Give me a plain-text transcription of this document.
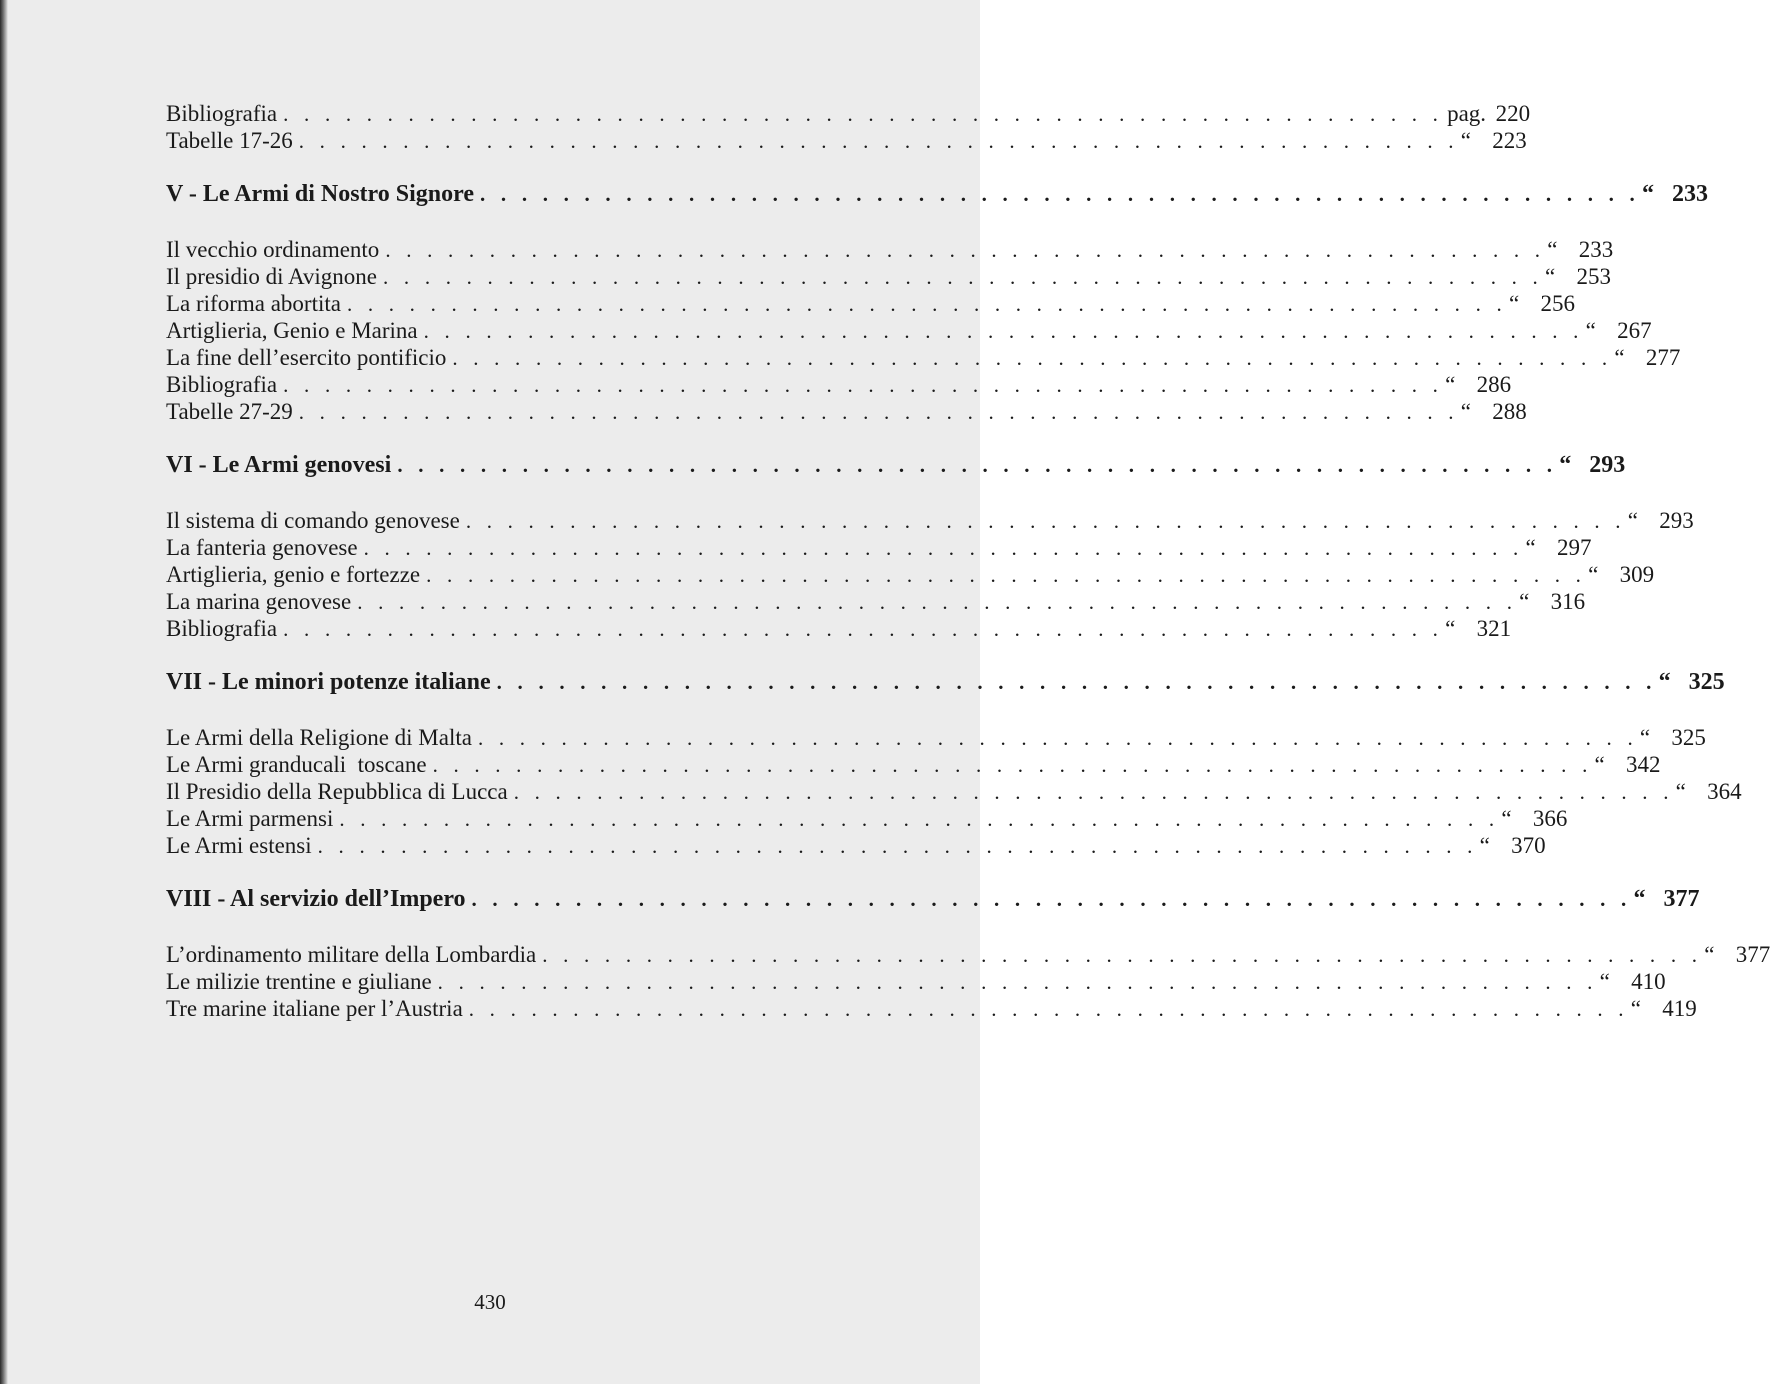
Bibliografia . . . . . . . . . . . . . . . . . . . . . . . . . . . . . . . . . . . . . . . . . . . . . . . . . . . . . . . . pag. 220
Tabelle 17-26 . . . . . . . . . . . . . . . . . . . . . . . . . . . . . . . . . . . . . . . . . . . . . . . . . . . . . . . . “ 223
V - Le Armi di Nostro Signore . . . . . . . . . . . . . . . . . . . . . . . . . . . . . . . . . . . . . . . . . . . . . . . . . . . . . . . . “ 233
Il vecchio ordinamento . . . . . . . . . . . . . . . . . . . . . . . . . . . . . . . . . . . . . . . . . . . . . . . . . . . . . . . . “ 233
Il presidio di Avignone . . . . . . . . . . . . . . . . . . . . . . . . . . . . . . . . . . . . . . . . . . . . . . . . . . . . . . . . “ 253
La riforma abortita . . . . . . . . . . . . . . . . . . . . . . . . . . . . . . . . . . . . . . . . . . . . . . . . . . . . . . . . “ 256
Artiglieria, Genio e Marina . . . . . . . . . . . . . . . . . . . . . . . . . . . . . . . . . . . . . . . . . . . . . . . . . . . . . . . . “ 267
La fine dell’esercito pontificio . . . . . . . . . . . . . . . . . . . . . . . . . . . . . . . . . . . . . . . . . . . . . . . . . . . . . . . . “ 277
Bibliografia . . . . . . . . . . . . . . . . . . . . . . . . . . . . . . . . . . . . . . . . . . . . . . . . . . . . . . . . “ 286
Tabelle 27-29 . . . . . . . . . . . . . . . . . . . . . . . . . . . . . . . . . . . . . . . . . . . . . . . . . . . . . . . . “ 288
VI - Le Armi genovesi . . . . . . . . . . . . . . . . . . . . . . . . . . . . . . . . . . . . . . . . . . . . . . . . . . . . . . . . “ 293
Il sistema di comando genovese . . . . . . . . . . . . . . . . . . . . . . . . . . . . . . . . . . . . . . . . . . . . . . . . . . . . . . . . “ 293
La fanteria genovese . . . . . . . . . . . . . . . . . . . . . . . . . . . . . . . . . . . . . . . . . . . . . . . . . . . . . . . . “ 297
Artiglieria, genio e fortezze . . . . . . . . . . . . . . . . . . . . . . . . . . . . . . . . . . . . . . . . . . . . . . . . . . . . . . . . “ 309
La marina genovese . . . . . . . . . . . . . . . . . . . . . . . . . . . . . . . . . . . . . . . . . . . . . . . . . . . . . . . . “ 316
Bibliografia . . . . . . . . . . . . . . . . . . . . . . . . . . . . . . . . . . . . . . . . . . . . . . . . . . . . . . . . “ 321
VII - Le minori potenze italiane . . . . . . . . . . . . . . . . . . . . . . . . . . . . . . . . . . . . . . . . . . . . . . . . . . . . . . . . “ 325
Le Armi della Religione di Malta . . . . . . . . . . . . . . . . . . . . . . . . . . . . . . . . . . . . . . . . . . . . . . . . . . . . . . . . “ 325
Le Armi granducali  toscane . . . . . . . . . . . . . . . . . . . . . . . . . . . . . . . . . . . . . . . . . . . . . . . . . . . . . . . . “ 342
Il Presidio della Repubblica di Lucca . . . . . . . . . . . . . . . . . . . . . . . . . . . . . . . . . . . . . . . . . . . . . . . . . . . . . . . . “ 364
Le Armi parmensi . . . . . . . . . . . . . . . . . . . . . . . . . . . . . . . . . . . . . . . . . . . . . . . . . . . . . . . . “ 366
Le Armi estensi . . . . . . . . . . . . . . . . . . . . . . . . . . . . . . . . . . . . . . . . . . . . . . . . . . . . . . . . “ 370
VIII - Al servizio dell’Impero . . . . . . . . . . . . . . . . . . . . . . . . . . . . . . . . . . . . . . . . . . . . . . . . . . . . . . . . “ 377
L’ordinamento militare della Lombardia . . . . . . . . . . . . . . . . . . . . . . . . . . . . . . . . . . . . . . . . . . . . . . . . . . . . . . . . “ 377
Le milizie trentine e giuliane . . . . . . . . . . . . . . . . . . . . . . . . . . . . . . . . . . . . . . . . . . . . . . . . . . . . . . . . “ 410
Tre marine italiane per l’Austria . . . . . . . . . . . . . . . . . . . . . . . . . . . . . . . . . . . . . . . . . . . . . . . . . . . . . . . . “ 419
430
